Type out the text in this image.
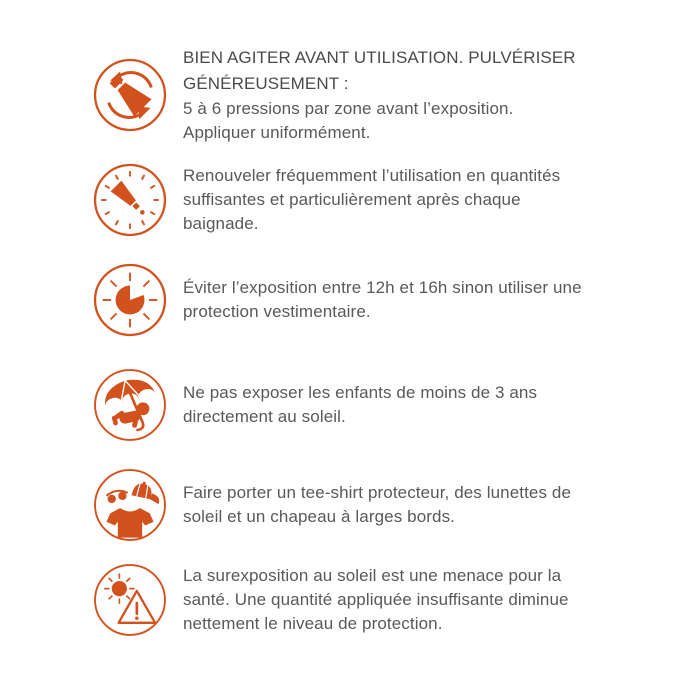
BIEN AGITER AVANT UTILISATION. PULVÉRISER
GÉNÉREUSEMENT :
5 à 6 pressions par zone avant l’exposition.
Appliquer uniformément.
Renouveler fréquemment l’utilisation en quantités
suffisantes et particulièrement après chaque
baignade.
Éviter l’exposition entre 12h et 16h sinon utiliser une
protection vestimentaire.
Ne pas exposer les enfants de moins de 3 ans
directement au soleil.
Faire porter un tee-shirt protecteur, des lunettes de
soleil et un chapeau à larges bords.
La surexposition au soleil est une menace pour la
santé. Une quantité appliquée insuffisante diminue
nettement le niveau de protection.
